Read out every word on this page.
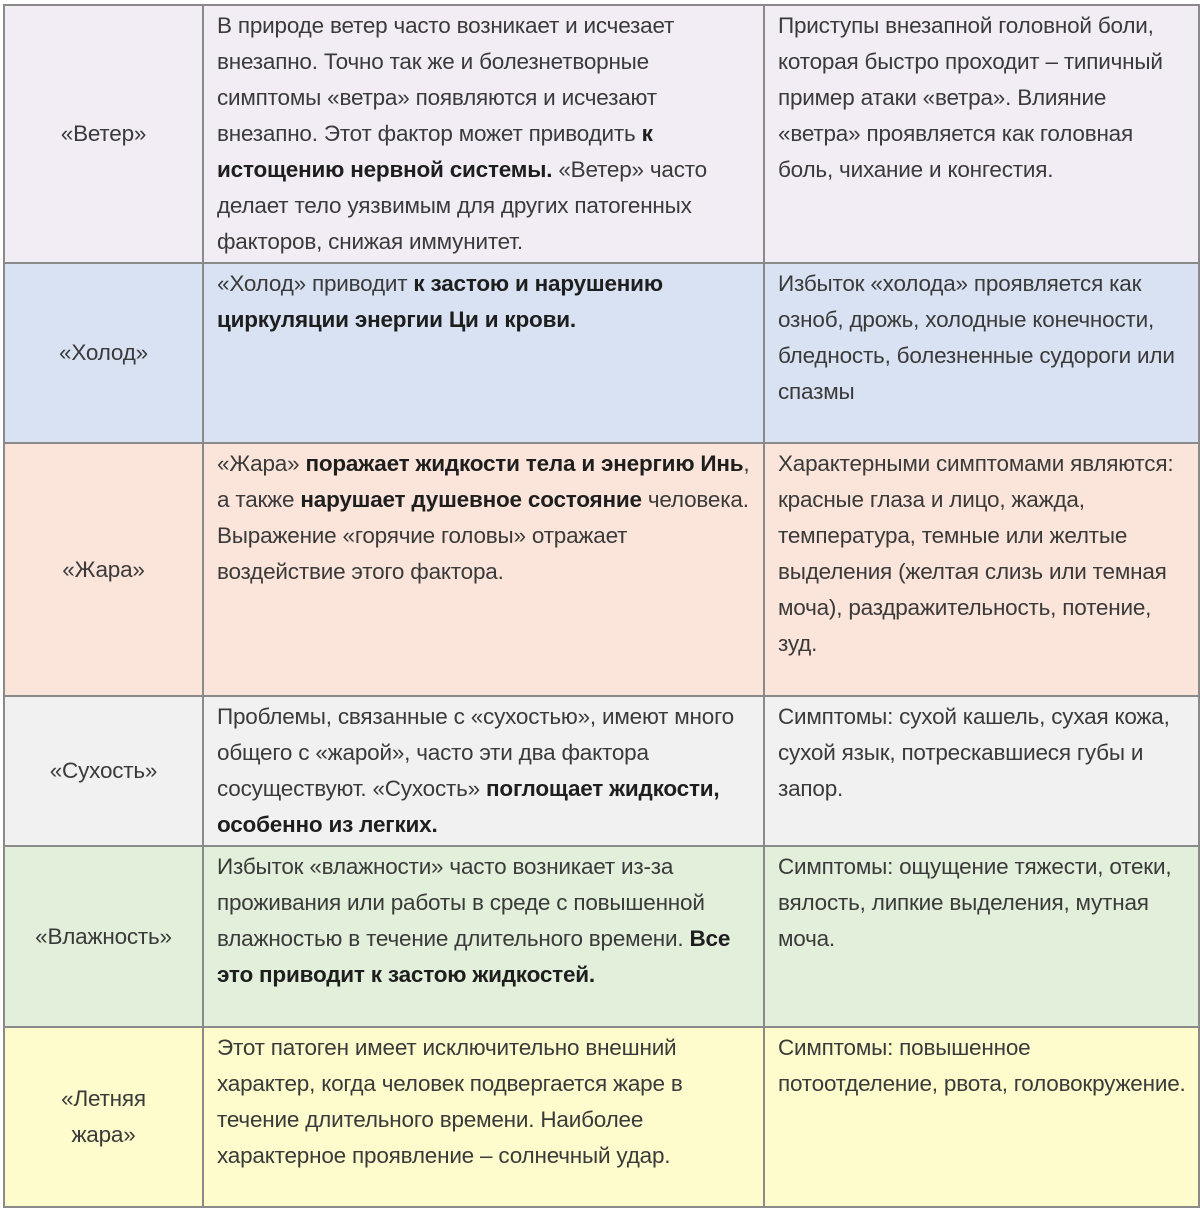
«Ветер»	В природе ветер часто возникает и исчезает внезапно. Точно так же и болезнетворные симптомы «ветра» появляются и исчезают внезапно. Этот фактор может приводить к истощению нервной системы. «Ветер» часто делает тело уязвимым для других патогенных факторов, снижая иммунитет.	Приступы внезапной головной боли, которая быстро проходит – типичный пример атаки «ветра». Влияние «ветра» проявляется как головная боль, чихание и конгестия.
«Холод»	«Холод» приводит к застою и нарушению циркуляции энергии Ци и крови.	Избыток «холода» проявляется как озноб, дрожь, холодные конечности, бледность, болезненные судороги или спазмы
«Жара»	«Жара» поражает жидкости тела и энергию Инь, а также нарушает душевное состояние человека. Выражение «горячие головы» отражает воздействие этого фактора.	Характерными симптомами являются: красные глаза и лицо, жажда, температура, темные или желтые выделения (желтая слизь или темная моча), раздражительность, потение, зуд.
«Сухость»	Проблемы, связанные с «сухостью», имеют много общего с «жарой», часто эти два фактора сосуществуют. «Сухость» поглощает жидкости, особенно из легких.	Симптомы: сухой кашель, сухая кожа, сухой язык, потрескавшиеся губы и запор.
«Влажность»	Избыток «влажности» часто возникает из-за проживания или работы в среде с повышенной влажностью в течение длительного времени. Все это приводит к застою жидкостей.	Симптомы: ощущение тяжести, отеки, вялость, липкие выделения, мутная моча.
«Летняя жара»	Этот патоген имеет исключительно внешний характер, когда человек подвергается жаре в течение длительного времени. Наиболее характерное проявление – солнечный удар.	Симптомы: повышенное потоотделение, рвота, головокружение.
